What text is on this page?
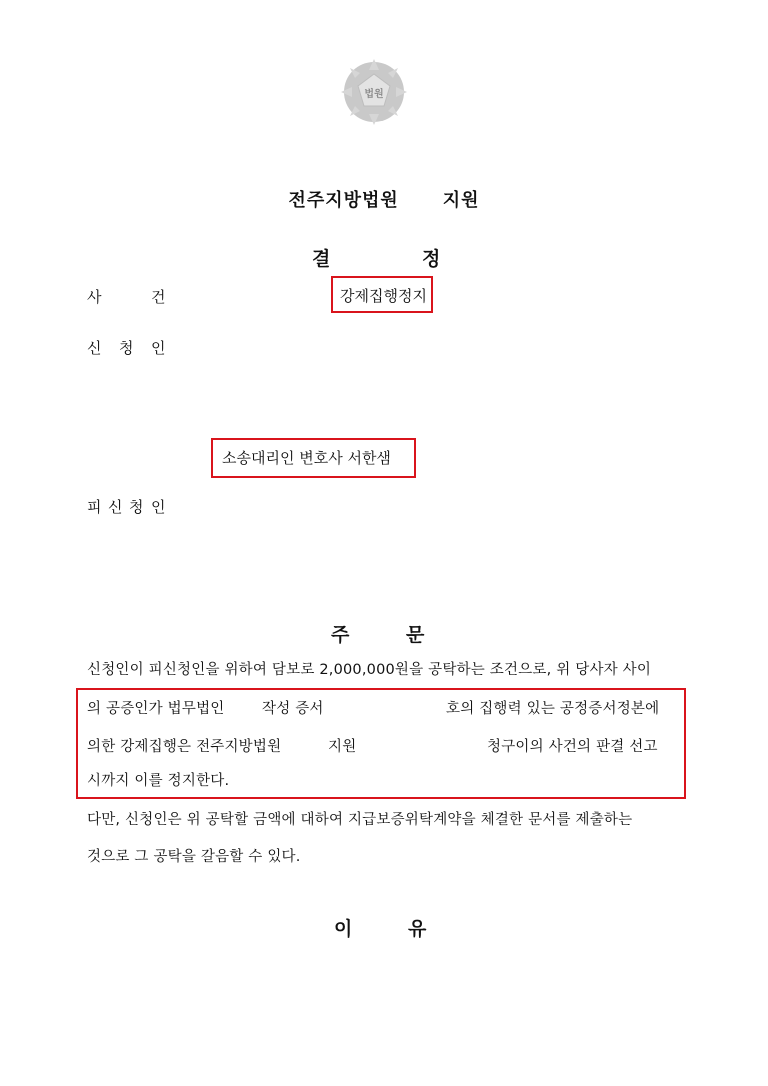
법원
전주지방법원 지원
결	정
사	건	강제집행정지
신 청 인
소송대리인 변호사 서한샘
피 신 청 인
주	문
신청인이 피신청인을 위하여 담보로 2,000,000원을 공탁하는 조건으로, 위 당사자 사이
의 공증인가 법무법인	작성 증서	호의 집행력 있는 공정증서정본에
의한 강제집행은 전주지방법원	지원	청구이의 사건의 판결 선고
시까지 이를 정지한다.
다만, 신청인은 위 공탁할 금액에 대하여 지급보증위탁계약을 체결한 문서를 제출하는
것으로 그 공탁을 갈음할 수 있다.
이	유
